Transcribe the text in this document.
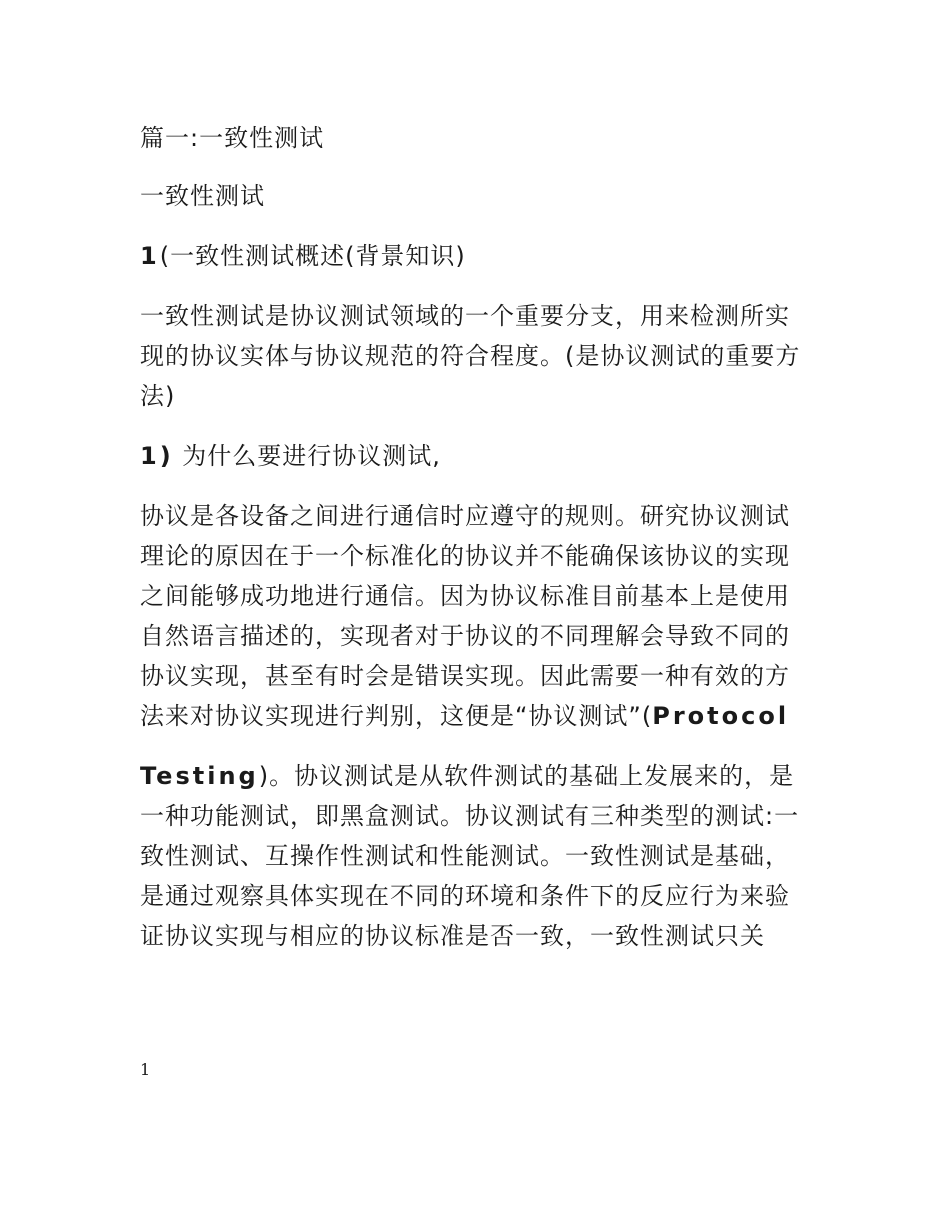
篇一:一致性测试

一致性测试

1(一致性测试概述(背景知识)

一致性测试是协议测试领域的一个重要分支，用来检测所实现的协议实体与协议规范的符合程度。(是协议测试的重要方法)

1) 为什么要进行协议测试,

协议是各设备之间进行通信时应遵守的规则。研究协议测试理论的原因在于一个标准化的协议并不能确保该协议的实现之间能够成功地进行通信。因为协议标准目前基本上是使用自然语言描述的，实现者对于协议的不同理解会导致不同的协议实现，甚至有时会是错误实现。因此需要一种有效的方法来对协议实现进行判别，这便是“协议测试”(Protocol

Testing)。协议测试是从软件测试的基础上发展来的，是一种功能测试，即黑盒测试。协议测试有三种类型的测试:一致性测试、互操作性测试和性能测试。一致性测试是基础，是通过观察具体实现在不同的环境和条件下的反应行为来验证协议实现与相应的协议标准是否一致，一致性测试只关

1
